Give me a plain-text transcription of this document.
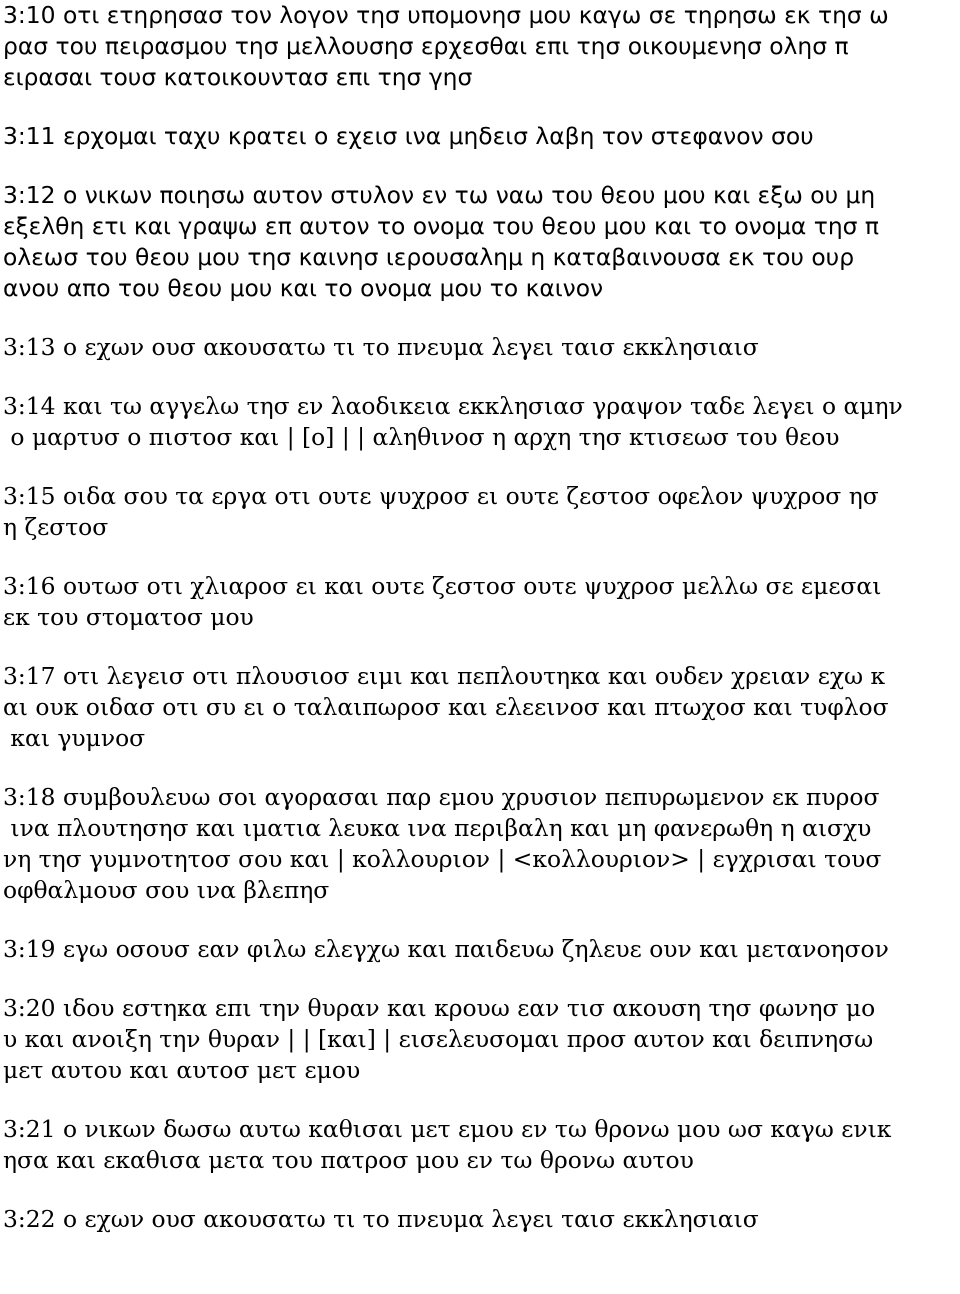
3:10 οτι ετηρησασ τον λογον τησ υπομονησ μου καγω σε τηρησω εκ τησ ω
ρασ του πειρασμου τησ μελλουσησ ερχεσθαι επι τησ οικουμενησ ολησ π
ειρασαι τουσ κατοικουντασ επι τησ γησ
3:11 ερχομαι ταχυ κρατει ο εχεισ ινα μηδεισ λαβη τον στεφανον σου
3:12 ο νικων ποιησω αυτον στυλον εν τω ναω του θεου μου και εξω ου μη
εξελθη ετι και γραψω επ αυτον το ονομα του θεου μου και το ονομα τησ π
ολεωσ του θεου μου τησ καινησ ιερουσαλημ η καταβαινουσα εκ του ουρ
ανου απο του θεου μου και το ονομα μου το καινον
3:13 ο εχων ουσ ακουσατω τι το πνευμα λεγει ταισ εκκλησιαισ
3:14 και τω αγγελω τησ εν λαοδικεια εκκλησιασ γραψον ταδε λεγει ο αμην
ο μαρτυσ ο πιστοσ και | [ο] | | αληθινοσ η αρχη τησ κτισεωσ του θεου
3:15 οιδα σου τα εργα οτι ουτε ψυχροσ ει ουτε ζεστοσ οφελον ψυχροσ ησ
η ζεστοσ
3:16 ουτωσ οτι χλιαροσ ει και ουτε ζεστοσ ουτε ψυχροσ μελλω σε εμεσαι
εκ του στοματοσ μου
3:17 οτι λεγεισ οτι πλουσιοσ ειμι και πεπλουτηκα και ουδεν χρειαν εχω κ
αι ουκ οιδασ οτι συ ει ο ταλαιπωροσ και ελεεινοσ και πτωχοσ και τυφλοσ
και γυμνοσ
3:18 συμβουλευω σοι αγορασαι παρ εμου χρυσιον πεπυρωμενον εκ πυροσ
ινα πλουτησησ και ιματια λευκα ινα περιβαλη και μη φανερωθη η αισχυ
νη τησ γυμνοτητοσ σου και | κολλουριον | <κολλουριον> | εγχρισαι τουσ
οφθαλμουσ σου ινα βλεπησ
3:19 εγω οσουσ εαν φιλω ελεγχω και παιδευω ζηλευε ουν και μετανοησον
3:20 ιδου εστηκα επι την θυραν και κρουω εαν τισ ακουση τησ φωνησ μο
υ και ανοιξη την θυραν | | [και] | εισελευσομαι προσ αυτον και δειπνησω
μετ αυτου και αυτοσ μετ εμου
3:21 ο νικων δωσω αυτω καθισαι μετ εμου εν τω θρονω μου ωσ καγω ενικ
ησα και εκαθισα μετα του πατροσ μου εν τω θρονω αυτου
3:22 ο εχων ουσ ακουσατω τι το πνευμα λεγει ταισ εκκλησιαισ
